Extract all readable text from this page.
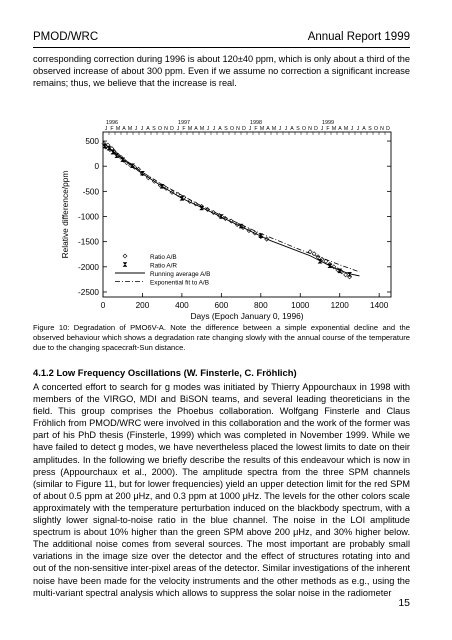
PMOD/WRC	Annual Report 1999
corresponding correction during 1996 is about 120±40 ppm, which is only about a third of the observed increase of about 300 ppm. Even if we assume no correction a significant increase remains; thus, we believe that the increase is real.
0	200	400	600	800	1000	1200	1400
500
0
-500
-1000
-1500
-2000
-2500
J F M A M J J A S O N D J F M A M J J A S O N D J F M A M J J A S O N D J F M A M J J A S O N D
1996	1997	1998	1999
Ratio A/B
Ratio A/R
Running average A/B
Exponential fit to A/B
Days (Epoch January 0, 1996)
Relative difference/ppm
Figure 10: Degradation of PMO6V-A. Note the difference between a simple exponential decline and the observed behaviour which shows a degradation rate changing slowly with the annual course of the temperature due to the changing spacecraft-Sun distance.
4.1.2 Low Frequency Oscillations (W. Finsterle, C. Fröhlich)
A concerted effort to search for g modes was initiated by Thierry Appourchaux in 1998 with members of the VIRGO, MDI and BiSON teams, and several leading theoreticians in the field. This group comprises the Phoebus collaboration. Wolfgang Finsterle and Claus Fröhlich from PMOD/WRC were involved in this collaboration and the work of the former was part of his PhD thesis (Finsterle, 1999) which was completed in November 1999. While we have failed to detect g modes, we have nevertheless placed the lowest limits to date on their amplitudes. In the following we briefly describe the results of this endeavour which is now in press (Appourchaux et al., 2000). The amplitude spectra from the three SPM channels (similar to Figure 11, but for lower frequencies) yield an upper detection limit for the red SPM of about 0.5 ppm at 200 μHz, and 0.3 ppm at 1000 μHz. The levels for the other colors scale approximately with the temperature perturbation induced on the blackbody spectrum, with a slightly lower signal-to-noise ratio in the blue channel. The noise in the LOI amplitude spectrum is about 10% higher than the green SPM above 200 μHz, and 30% higher below. The additional noise comes from several sources. The most important are probably small variations in the image size over the detector and the effect of structures rotating into and out of the non-sensitive inter-pixel areas of the detector. Similar investigations of the inherent noise have been made for the velocity instruments and the other methods as e.g., using the multi-variant spectral analysis which allows to suppress the solar noise in the radiometer
15
